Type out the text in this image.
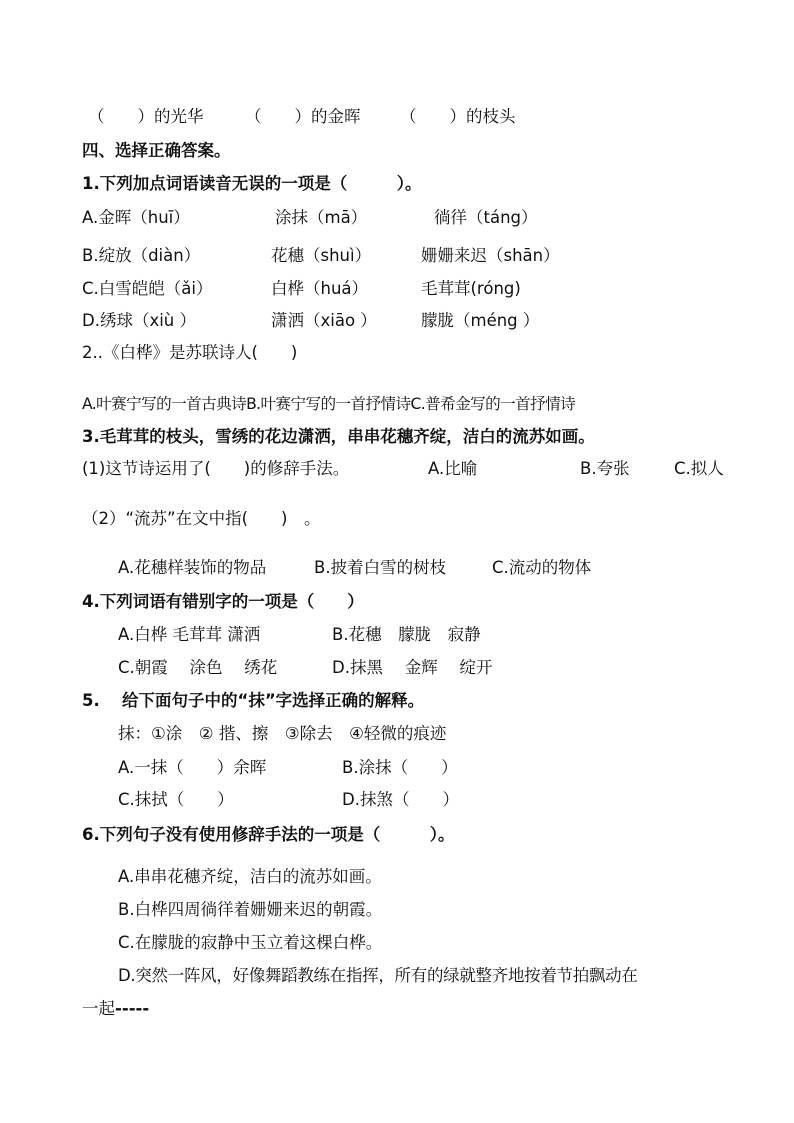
（　　）的光华	（　　）的金晖 （　　）的枝头
四、选择正确答案。
1.下列加点词语读音无误的一项是（　　　）。
A.金晖（huī）	涂抹（mā）	徜徉（táng）
B.绽放（diàn）	花穗（shuì）	姗姗来迟（shān）
C.白雪皑皑（ǎi）	白桦（huá）	毛茸茸(róng)
D.绣球（xiù ）	潇洒（xiāo ）	朦胧（méng ）
2..《白桦》是苏联诗人(　　)
A.叶赛宁写的一首古典诗B.叶赛宁写的一首抒情诗C.普希金写的一首抒情诗
3.毛茸茸的枝头，雪绣的花边潇洒，串串花穗齐绽，洁白的流苏如画。
(1)这节诗运用了(　　)的修辞手法。	A.比喻	B.夸张	C.拟人
（2）“流苏”在文中指(　　)　。
A.花穗样装饰的物品	B.披着白雪的树枝	C.流动的物体
4.下列词语有错别字的一项是（　　）
A.白桦 毛茸茸 潇洒	B.花穗　朦胧　寂静
C.朝霞　 涂色　 绣花	D.抹黑　 金辉　 绽开
5.　 给下面句子中的“抹”字选择正确的解释。
抹：①涂　② 揩、擦　③除去　④轻微的痕迹
A.一抹（　　）余晖	B.涂抹（　　）
C.抹拭（　　）	D.抹煞（　　）
6.下列句子没有使用修辞手法的一项是（　　　）。
A.串串花穗齐绽，洁白的流苏如画。
B.白桦四周徜徉着姗姗来迟的朝霞。
C.在朦胧的寂静中玉立着这棵白桦。
D.突然一阵风，好像舞蹈教练在指挥，所有的绿就整齐地按着节拍飘动在
一起-----
